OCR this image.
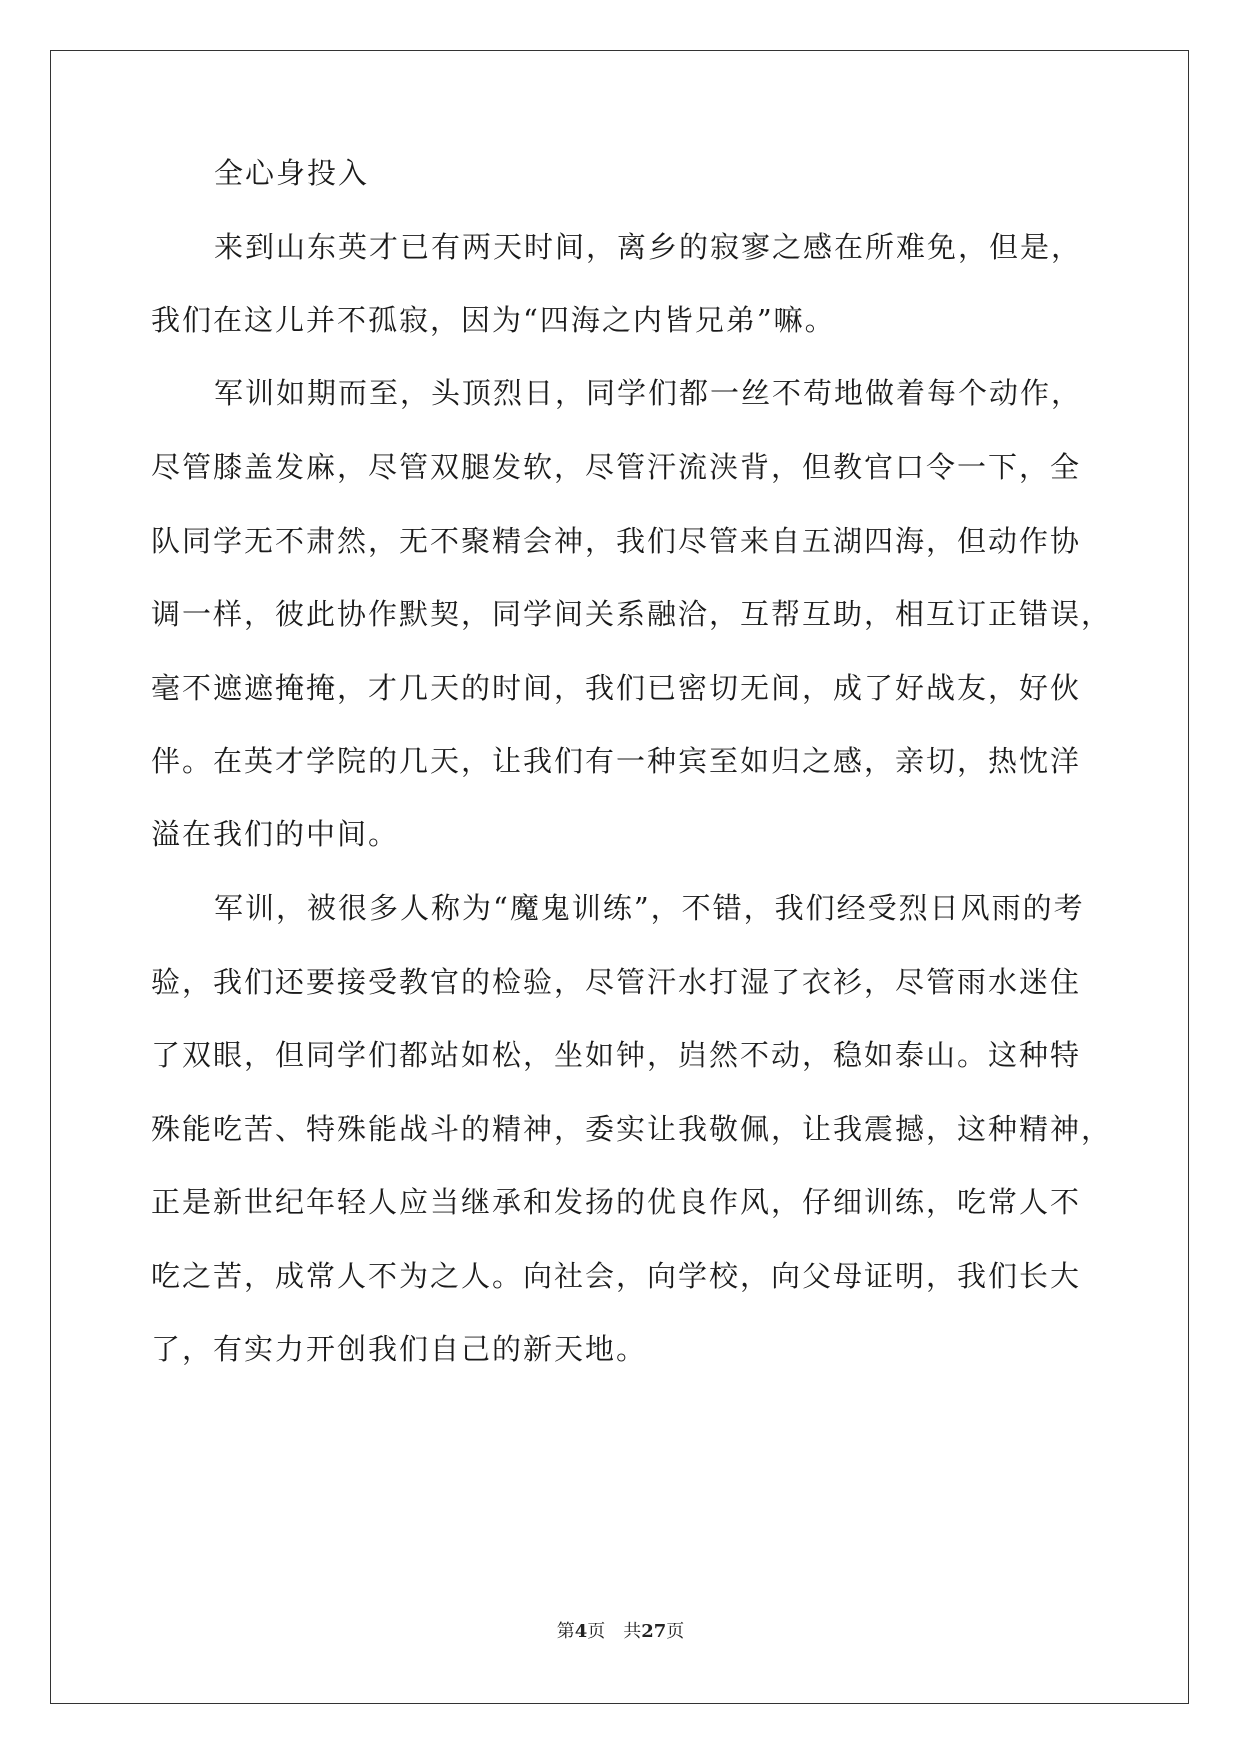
全心身投入
来到山东英才已有两天时间，离乡的寂寥之感在所难免，但是，
我们在这儿并不孤寂，因为“四海之内皆兄弟”嘛。
军训如期而至，头顶烈日，同学们都一丝不苟地做着每个动作，
尽管膝盖发麻，尽管双腿发软，尽管汗流浃背，但教官口令一下，全
队同学无不肃然，无不聚精会神，我们尽管来自五湖四海，但动作协
调一样，彼此协作默契，同学间关系融洽，互帮互助，相互订正错误，
毫不遮遮掩掩，才几天的时间，我们已密切无间，成了好战友，好伙
伴。在英才学院的几天，让我们有一种宾至如归之感，亲切，热忱洋
溢在我们的中间。
军训，被很多人称为“魔鬼训练”，不错，我们经受烈日风雨的考
验，我们还要接受教官的检验，尽管汗水打湿了衣衫，尽管雨水迷住
了双眼，但同学们都站如松，坐如钟，岿然不动，稳如泰山。这种特
殊能吃苦、特殊能战斗的精神，委实让我敬佩，让我震撼，这种精神，
正是新世纪年轻人应当继承和发扬的优良作风，仔细训练，吃常人不
吃之苦，成常人不为之人。向社会，向学校，向父母证明，我们长大
了，有实力开创我们自己的新天地。
第4页 共27页
